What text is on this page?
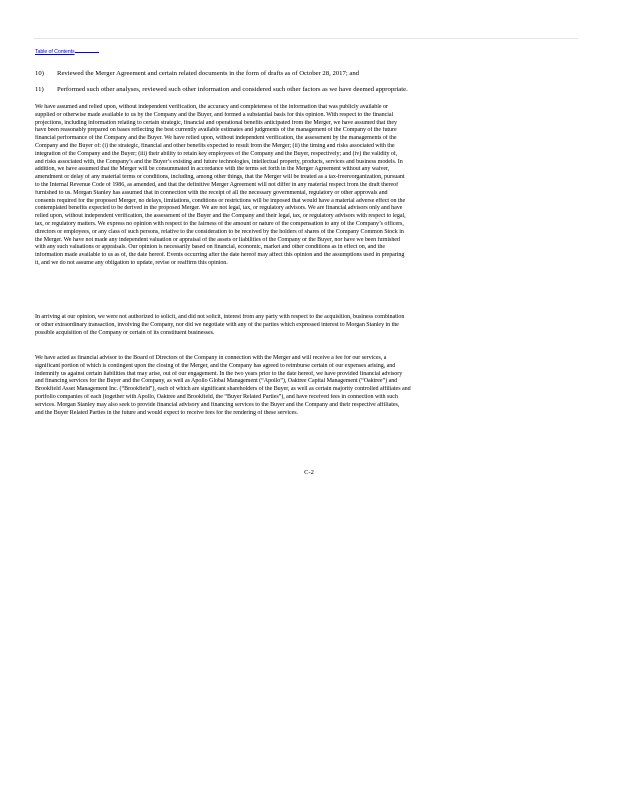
Table of Contents
10) Reviewed the Merger Agreement and certain related documents in the form of drafts as of October 28, 2017; and
11) Performed such other analyses, reviewed such other information and considered such other factors as we have deemed appropriate.
We have assumed and relied upon, without independent verification, the accuracy and completeness of the information that was publicly available or
supplied or otherwise made available to us by the Company and the Buyer, and formed a substantial basis for this opinion. With respect to the financial
projections, including information relating to certain strategic, financial and operational benefits anticipated from the Merger, we have assumed that they
have been reasonably prepared on bases reflecting the best currently available estimates and judgments of the management of the Company of the future
financial performance of the Company and the Buyer. We have relied upon, without independent verification, the assessment by the managements of the
Company and the Buyer of: (i) the strategic, financial and other benefits expected to result from the Merger; (ii) the timing and risks associated with the
integration of the Company and the Buyer; (iii) their ability to retain key employees of the Company and the Buyer, respectively; and (iv) the validity of,
and risks associated with, the Company’s and the Buyer’s existing and future technologies, intellectual property, products, services and business models. In
addition, we have assumed that the Merger will be consummated in accordance with the terms set forth in the Merger Agreement without any waiver,
amendment or delay of any material terms or conditions, including, among other things, that the Merger will be treated as a tax-freereorganization, pursuant
to the Internal Revenue Code of 1986, as amended, and that the definitive Merger Agreement will not differ in any material respect from the draft thereof
furnished to us. Morgan Stanley has assumed that in connection with the receipt of all the necessary governmental, regulatory or other approvals and
consents required for the proposed Merger, no delays, limitations, conditions or restrictions will be imposed that would have a material adverse effect on the
contemplated benefits expected to be derived in the proposed Merger. We are not legal, tax, or regulatory advisors. We are financial advisors only and have
relied upon, without independent verification, the assessment of the Buyer and the Company and their legal, tax, or regulatory advisors with respect to legal,
tax, or regulatory matters. We express no opinion with respect to the fairness of the amount or nature of the compensation to any of the Company’s officers,
directors or employees, or any class of such persons, relative to the consideration to be received by the holders of shares of the Company Common Stock in
the Merger. We have not made any independent valuation or appraisal of the assets or liabilities of the Company or the Buyer, nor have we been furnished
with any such valuations or appraisals. Our opinion is necessarily based on financial, economic, market and other conditions as in effect on, and the
information made available to us as of, the date hereof. Events occurring after the date hereof may affect this opinion and the assumptions used in preparing
it, and we do not assume any obligation to update, revise or reaffirm this opinion.
In arriving at our opinion, we were not authorized to solicit, and did not solicit, interest from any party with respect to the acquisition, business combination
or other extraordinary transaction, involving the Company, nor did we negotiate with any of the parties which expressed interest to Morgan Stanley in the
possible acquisition of the Company or certain of its constituent businesses.
We have acted as financial advisor to the Board of Directors of the Company in connection with the Merger and will receive a fee for our services, a
significant portion of which is contingent upon the closing of the Merger, and the Company has agreed to reimburse certain of our expenses arising, and
indemnify us against certain liabilities that may arise, out of our engagement. In the two years prior to the date hereof, we have provided financial advisory
and financing services for the Buyer and the Company, as well as Apollo Global Management (“Apollo”), Oaktree Capital Management (“Oaktree”) and
Brookfield Asset Management Inc. (“Brookfield”), each of which are significant shareholders of the Buyer, as well as certain majority controlled affiliates and
portfolio companies of each (together with Apollo, Oaktree and Brookfield, the “Buyer Related Parties”), and have received fees in connection with such
services. Morgan Stanley may also seek to provide financial advisory and financing services to the Buyer and the Company and their respective affiliates,
and the Buyer Related Parties in the future and would expect to receive fees for the rendering of these services.
C-2
